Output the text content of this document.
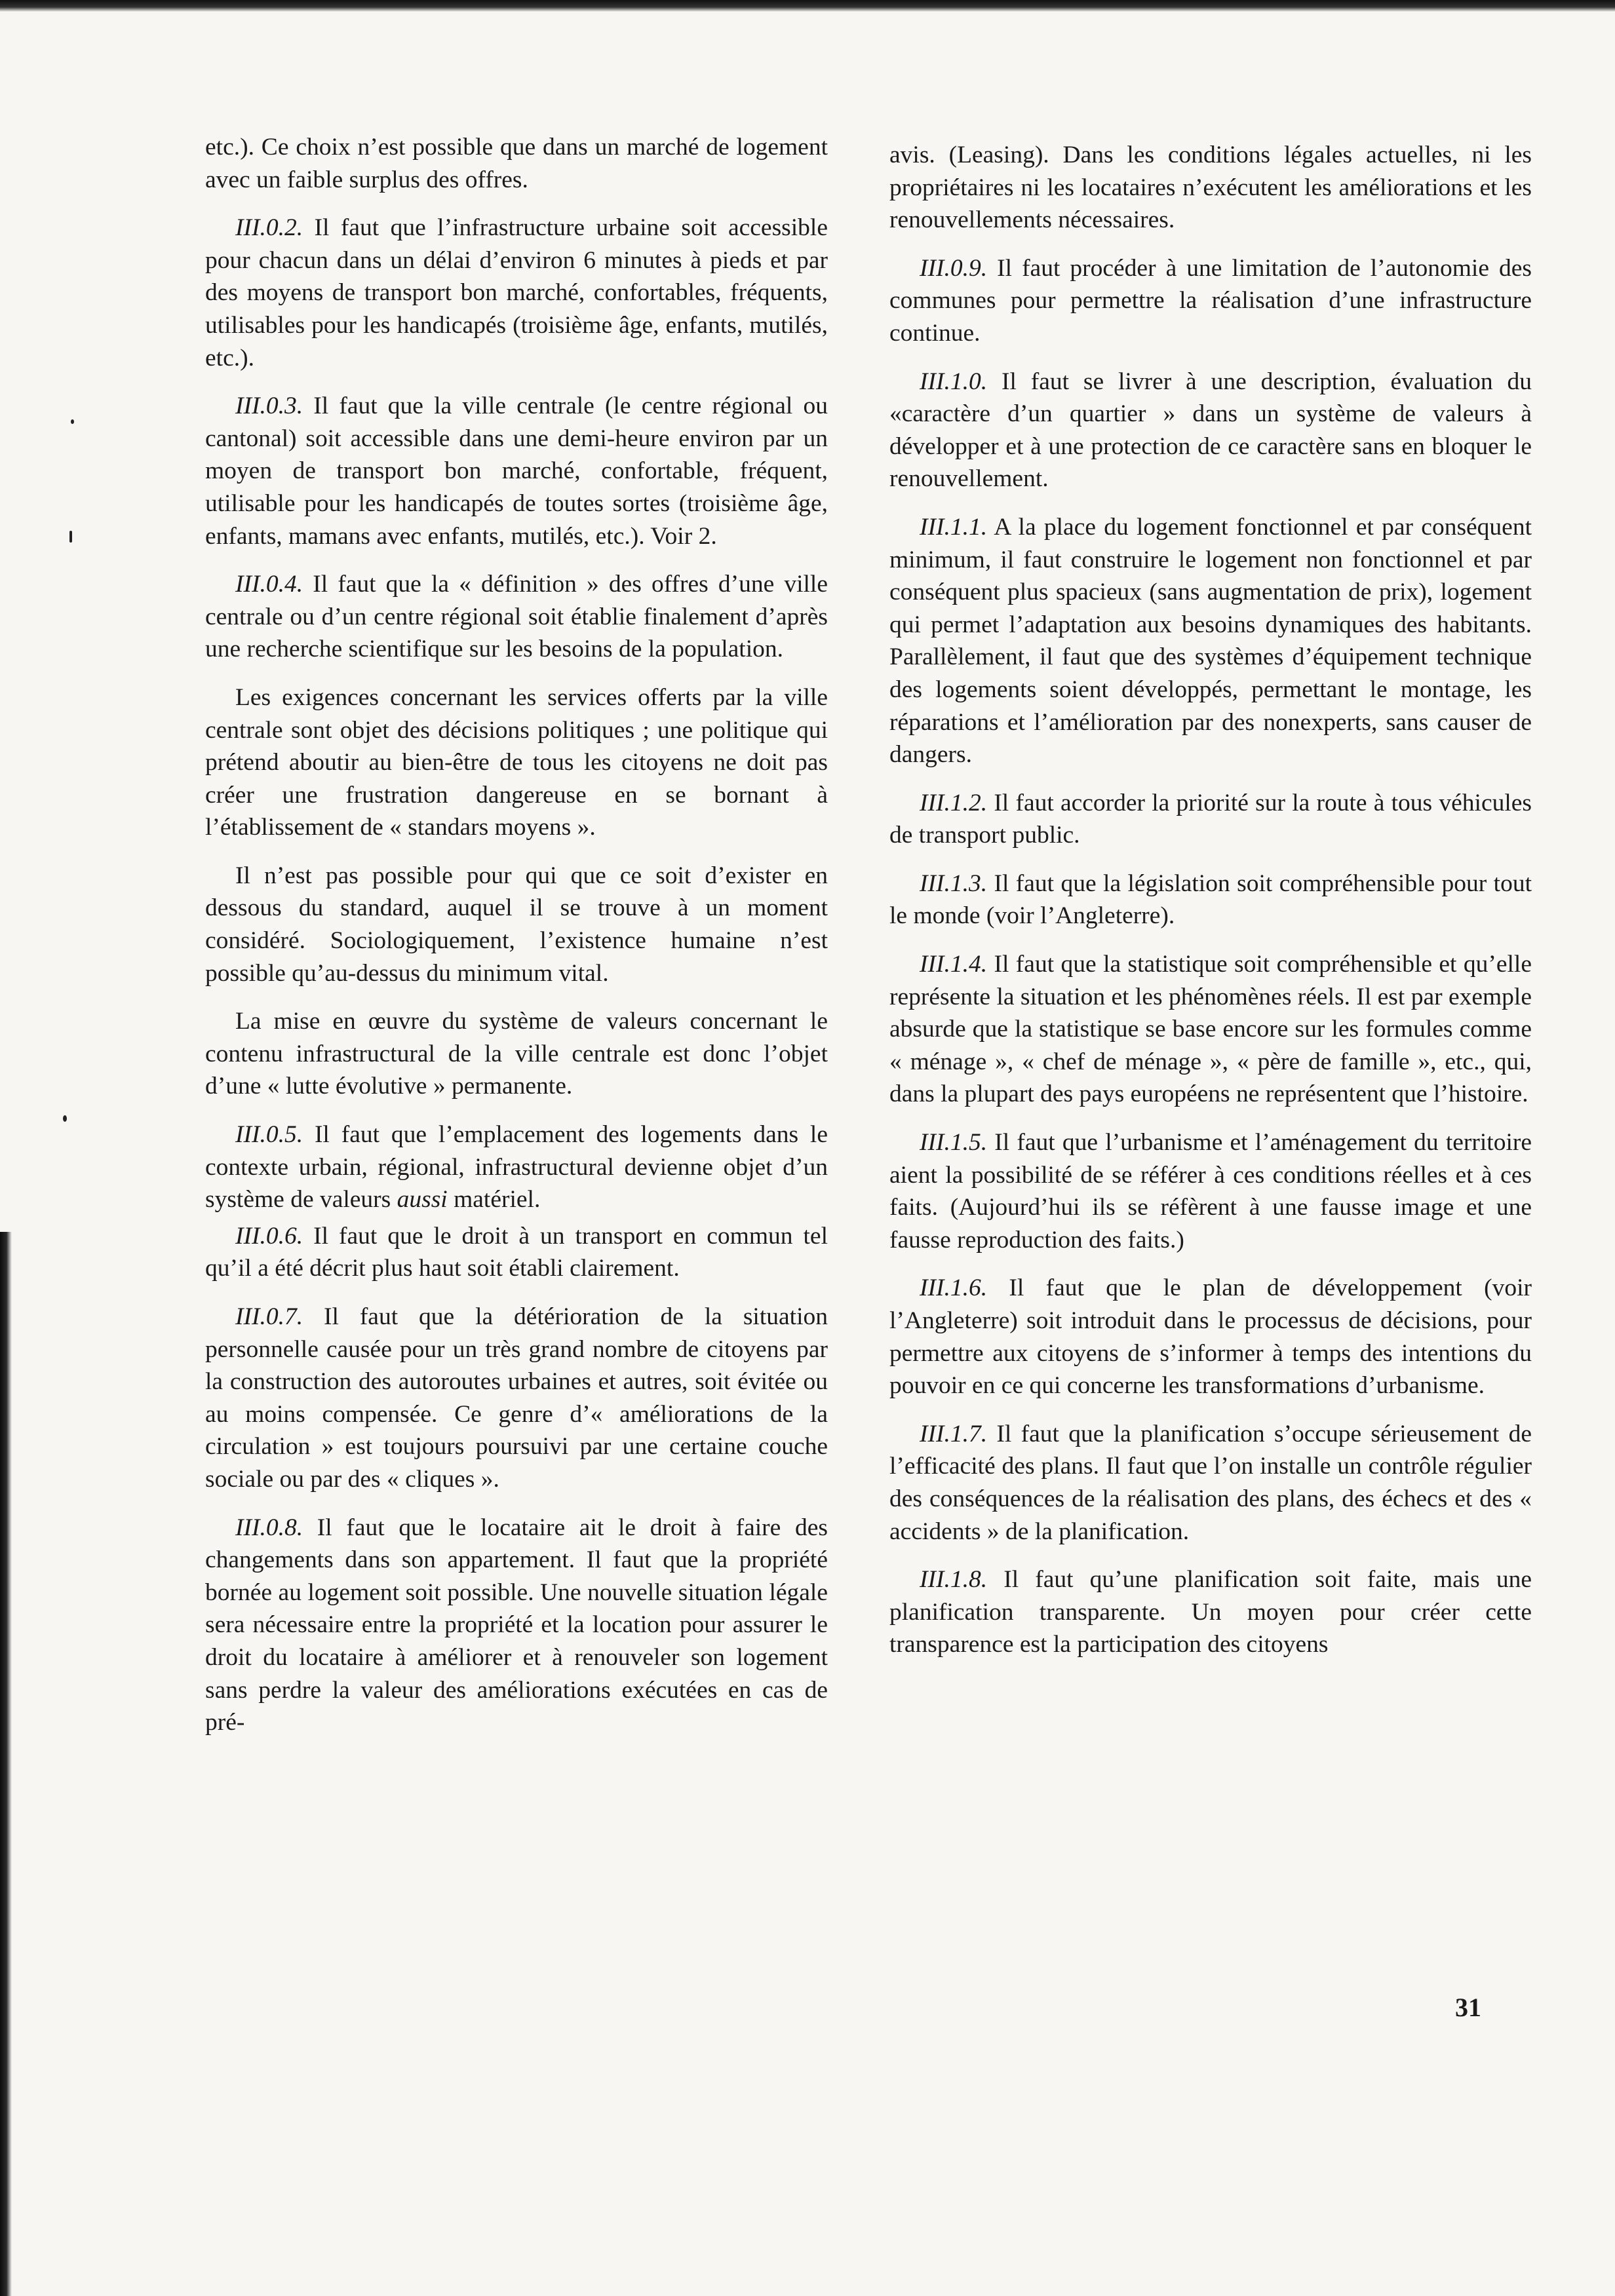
etc.). Ce choix n’est possible que dans un marché de logement avec un faible surplus des offres.

III.0.2. Il faut que l’infrastructure urbaine soit accessible pour chacun dans un délai d’environ 6 minutes à pieds et par des moyens de transport bon marché, confortables, fréquents, utilisables pour les handicapés (troisième âge, enfants, mutilés, etc.).

III.0.3. Il faut que la ville centrale (le centre régional ou cantonal) soit accessible dans une demi-heure environ par un moyen de transport bon marché, confortable, fréquent, utilisable pour les handicapés de toutes sortes (troisième âge, enfants, mamans avec enfants, mutilés, etc.). Voir 2.

III.0.4. Il faut que la « définition » des offres d’une ville centrale ou d’un centre régional soit établie finalement d’après une recherche scientifique sur les besoins de la population.

Les exigences concernant les services offerts par la ville centrale sont objet des décisions politiques ; une politique qui prétend aboutir au bien-être de tous les citoyens ne doit pas créer une frustration dangereuse en se bornant à l’établissement de « standars moyens ».

Il n’est pas possible pour qui que ce soit d’exister en dessous du standard, auquel il se trouve à un moment considéré. Sociologiquement, l’existence humaine n’est possible qu’au-dessus du minimum vital.

La mise en œuvre du système de valeurs concernant le contenu infrastructural de la ville centrale est donc l’objet d’une « lutte évolutive » permanente.

III.0.5. Il faut que l’emplacement des logements dans le contexte urbain, régional, infrastructural devienne objet d’un système de valeurs aussi matériel.

III.0.6. Il faut que le droit à un transport en commun tel qu’il a été décrit plus haut soit établi clairement.

III.0.7. Il faut que la détérioration de la situation personnelle causée pour un très grand nombre de citoyens par la construction des autoroutes urbaines et autres, soit évitée ou au moins compensée. Ce genre d’« améliorations de la circulation » est toujours poursuivi par une certaine couche sociale ou par des « cliques ».

III.0.8. Il faut que le locataire ait le droit à faire des changements dans son appartement. Il faut que la propriété bornée au logement soit possible. Une nouvelle situation légale sera nécessaire entre la propriété et la location pour assurer le droit du locataire à améliorer et à renouveler son logement sans perdre la valeur des améliorations exécutées en cas de pré-

avis. (Leasing). Dans les conditions légales actuelles, ni les propriétaires ni les locataires n’exécutent les améliorations et les renouvellements nécessaires.

III.0.9. Il faut procéder à une limitation de l’autonomie des communes pour permettre la réalisation d’une infrastructure continue.

III.1.0. Il faut se livrer à une description, évaluation du «caractère d’un quartier » dans un système de valeurs à développer et à une protection de ce caractère sans en bloquer le renouvellement.

III.1.1. A la place du logement fonctionnel et par conséquent minimum, il faut construire le logement non fonctionnel et par conséquent plus spacieux (sans augmentation de prix), logement qui permet l’adaptation aux besoins dynamiques des habitants. Parallèlement, il faut que des systèmes d’équipement technique des logements soient développés, permettant le montage, les réparations et l’amélioration par des nonexperts, sans causer de dangers.

III.1.2. Il faut accorder la priorité sur la route à tous véhicules de transport public.

III.1.3. Il faut que la législation soit compréhensible pour tout le monde (voir l’Angleterre).

III.1.4. Il faut que la statistique soit compréhensible et qu’elle représente la situation et les phénomènes réels. Il est par exemple absurde que la statistique se base encore sur les formules comme « ménage », « chef de ménage », « père de famille », etc., qui, dans la plupart des pays européens ne représentent que l’histoire.

III.1.5. Il faut que l’urbanisme et l’aménagement du territoire aient la possibilité de se référer à ces conditions réelles et à ces faits. (Aujourd’hui ils se réfèrent à une fausse image et une fausse reproduction des faits.)

III.1.6. Il faut que le plan de développement (voir l’Angleterre) soit introduit dans le processus de décisions, pour permettre aux citoyens de s’informer à temps des intentions du pouvoir en ce qui concerne les transformations d’urbanisme.

III.1.7. Il faut que la planification s’occupe sérieusement de l’efficacité des plans. Il faut que l’on installe un contrôle régulier des conséquences de la réalisation des plans, des échecs et des « accidents » de la planification.

III.1.8. Il faut qu’une planification soit faite, mais une planification transparente. Un moyen pour créer cette transparence est la participation des citoyens

31
